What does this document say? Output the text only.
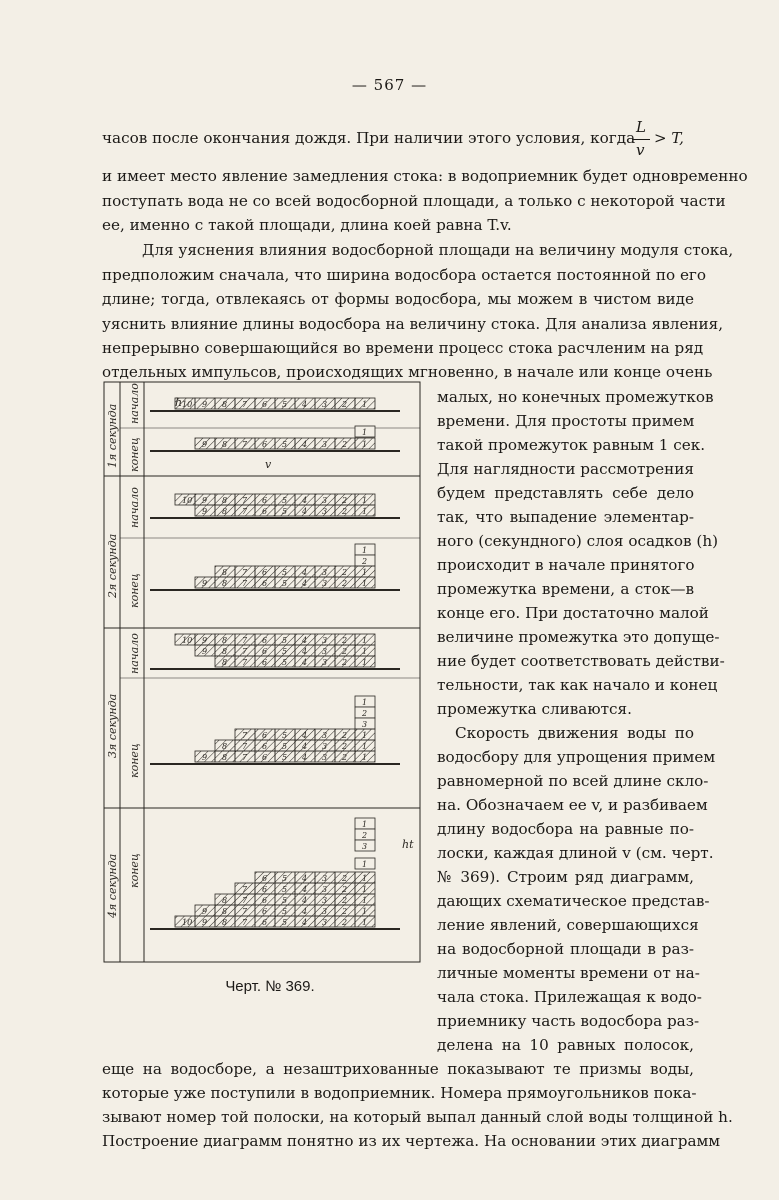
— 567 —
часов после окончания дождя. При наличии этого условия, когда
L
v
> T,
и имеет место явление замедления стока: в водоприемник будет одновременно
поступать вода не со всей водосборной площади, а только с некоторой части
ее, именно с такой площади, длина коей равна T.v.
Для уяснения влияния водосборной площади на величину модуля стока,
предположим сначала, что ширина водосбора остается постоянной по его
длине; тогда, отвлекаясь от формы водосбора, мы можем в чистом виде
уяснить влияние длины водосбора на величину стока. Для анализа явления,
непрерывно совершающийся во времени процесс стока расчленим на ряд
отдельных импульсов, происходящих мгновенно, в начале или конце очень
малых, но конечных промежутков
времени. Для простоты примем
такой промежуток равным 1 сек.
Для наглядности рассмотрения
будем представлять себе дело
так, что выпадение элементар-
ного (секундного) слоя осадков (h)
происходит в начале принятого
промежутка времени, а сток—в
конце его. При достаточно малой
величине промежутка это допуще-
ние будет соответствовать действи-
тельности, так как начало и конец
промежутка сливаются.
Скорость движения воды по
водосбору для упрощения примем
равномерной по всей длине скло-
на. Обозначаем ее v, и разбиваем
длину водосбора на равные по-
лоски, каждая длиной v (см. черт.
№ 369). Строим ряд диаграмм,
дающих схематическое представ-
ление явлений, совершающихся
на водосборной площади в раз-
личные моменты времени от на-
чала стока. Прилежащая к водо-
приемнику часть водосбора раз-
делена на 10 равных полосок,
еще на водосборе, а незаштрихованные показывают те призмы воды,
которые уже поступили в водоприемник. Номера прямоугольников пока-
зывают номер той полоски, на который выпал данный слой воды толщиной h.
Построение диаграмм понятно из их чертежа. На основании этих диаграмм
1я секунда
начало
конец
2я секунда
начало
конец
3я секунда
начало
конец
4я секунда конец
10 9 8 7 6 5 4 3 2 1
1
9 8 7 6 5 4 3 2 1
10 9 8 7 6 5 4 3 2 1
9 8 7 6 5 4 3 2 1
1
2
8 7 6 5 4 3 2 1
9 8 7 6 5 4 3 2 1
10 9 8 7 6 5 4 3 2 1
9 8 7 6 5 4 3 2 1
8 7 6 5 4 3 2 1
1
2
3
7 6 5 4 3 2 1
8 7 6 5 4 3 2 1
9 8 7 6 5 4 3 2 1
1
2
3
1
6 5 4 3 2 1
7 6 5 4 3 2 1
8 7 6 5 4 3 2 1
9 8 7 6 5 4 3 2 1
10 9 8 7 6 5 4 3 2 1
h
v
ht
Черт. № 369.
